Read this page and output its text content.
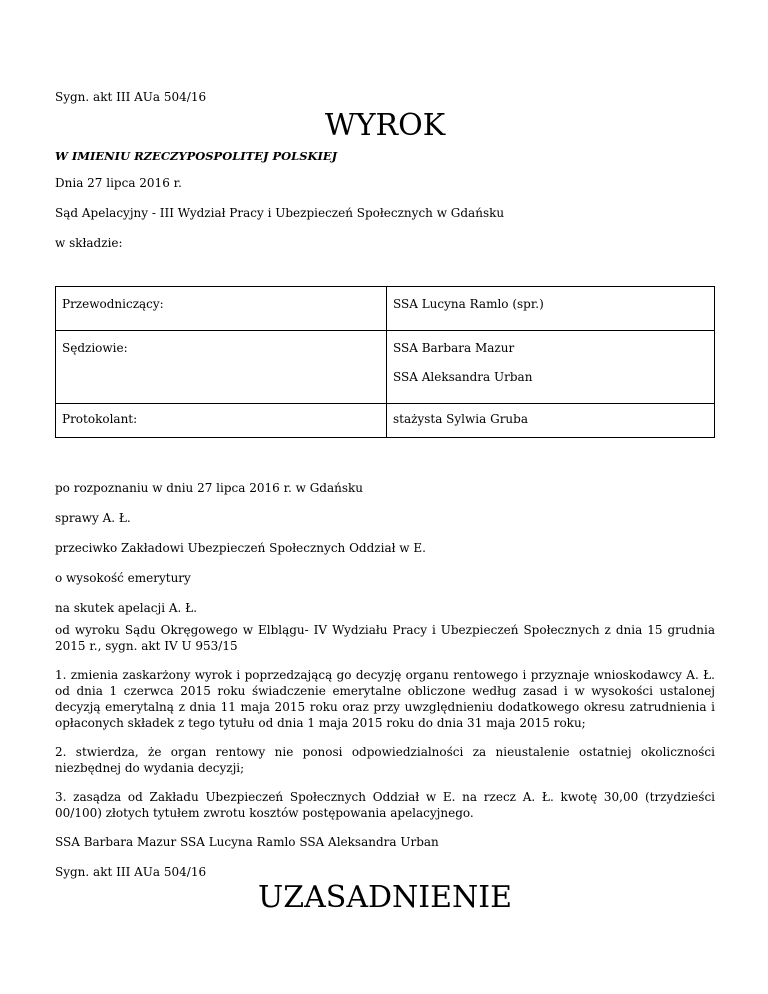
Sygn. akt III AUa 504/16
WYROK
W IMIENIU RZECZYPOSPOLITEJ POLSKIEJ
Dnia 27 lipca 2016 r.
Sąd Apelacyjny - III Wydział Pracy i Ubezpieczeń Społecznych w Gdańsku
w składzie:
Przewodniczący:	SSA Lucyna Ramlo (spr.)

Sędziowie:	SSA Barbara Mazur
SSA Aleksandra Urban

Protokolant:	stażysta Sylwia Gruba
po rozpoznaniu w dniu 27 lipca 2016 r. w Gdańsku
sprawy A. Ł.
przeciwko Zakładowi Ubezpieczeń Społecznych Oddział w E.
o wysokość emerytury
na skutek apelacji A. Ł.
od wyroku Sądu Okręgowego w Elblągu- IV Wydziału Pracy i Ubezpieczeń Społecznych z dnia 15 grudnia 2015 r., sygn. akt IV U 953/15
1. zmienia zaskarżony wyrok i poprzedzającą go decyzję organu rentowego i przyznaje wnioskodawcy A. Ł. od dnia 1 czerwca 2015 roku świadczenie emerytalne obliczone według zasad i w wysokości ustalonej decyzją emerytalną z dnia 11 maja 2015 roku oraz przy uwzględnieniu dodatkowego okresu zatrudnienia i opłaconych składek z tego tytułu od dnia 1 maja 2015 roku do dnia 31 maja 2015 roku;
2. stwierdza, że organ rentowy nie ponosi odpowiedzialności za nieustalenie ostatniej okoliczności niezbędnej do wydania decyzji;
3. zasądza od Zakładu Ubezpieczeń Społecznych Oddział w E. na rzecz A. Ł. kwotę 30,00 (trzydzieści 00/100) złotych tytułem zwrotu kosztów postępowania apelacyjnego.
SSA Barbara Mazur SSA Lucyna Ramlo SSA Aleksandra Urban
Sygn. akt III AUa 504/16
UZASADNIENIE
